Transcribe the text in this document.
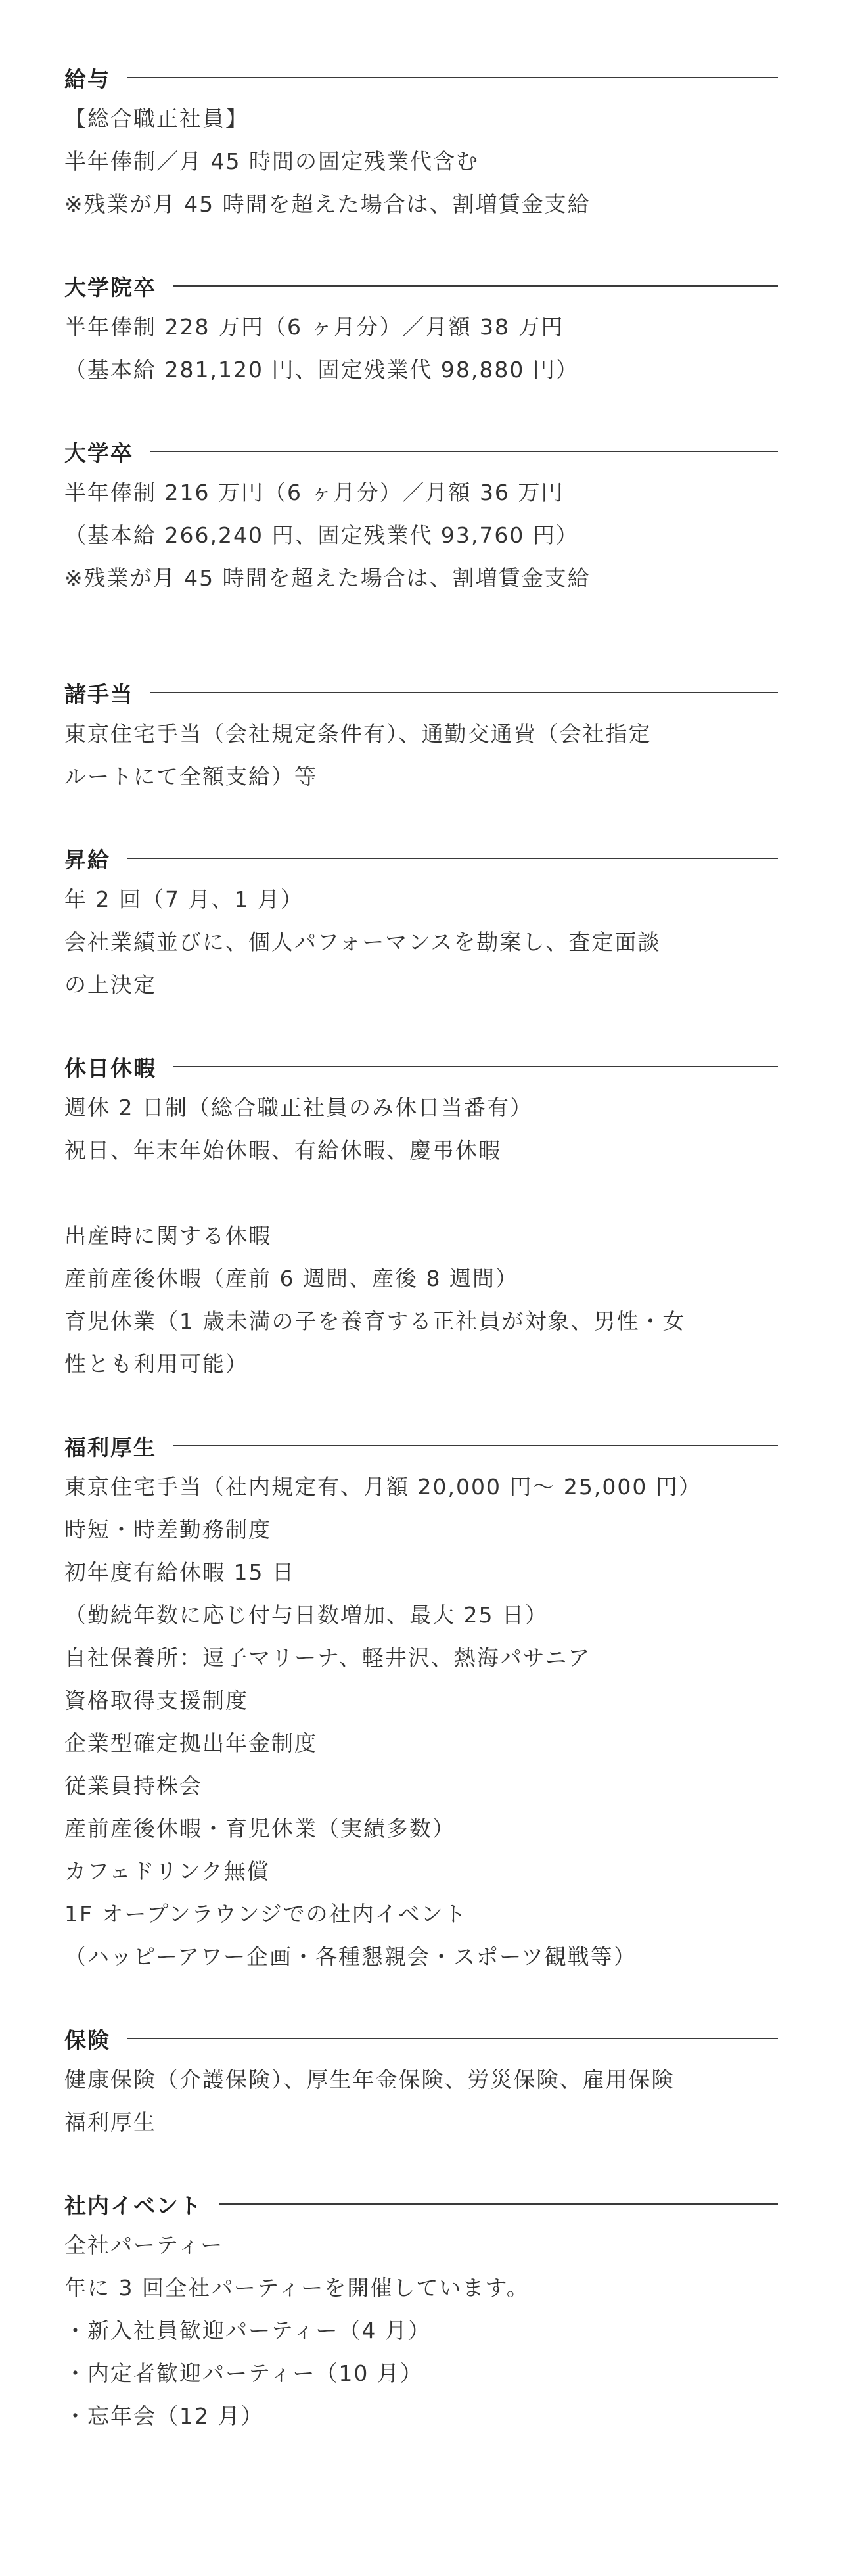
給与
【総合職正社員】
半年俸制／月 45 時間の固定残業代含む
※残業が月 45 時間を超えた場合は、割増賃金支給
大学院卒
半年俸制 228 万円（6 ヶ月分）／月額 38 万円
（基本給 281,120 円、固定残業代 98,880 円）
大学卒
半年俸制 216 万円（6 ヶ月分）／月額 36 万円
（基本給 266,240 円、固定残業代 93,760 円）
※残業が月 45 時間を超えた場合は、割増賃金支給
諸手当
東京住宅手当（会社規定条件有）、通勤交通費（会社指定
ルートにて全額支給）等
昇給
年 2 回（7 月、1 月）
会社業績並びに、個人パフォーマンスを勘案し、査定面談
の上決定
休日休暇
週休 2 日制（総合職正社員のみ休日当番有）
祝日、年末年始休暇、有給休暇、慶弔休暇
出産時に関する休暇
産前産後休暇（産前 6 週間、産後 8 週間）
育児休業（1 歳未満の子を養育する正社員が対象、男性・女
性とも利用可能）
福利厚生
東京住宅手当（社内規定有、月額 20,000 円～ 25,000 円）
時短・時差勤務制度
初年度有給休暇 15 日
（勤続年数に応じ付与日数増加、最大 25 日）
自社保養所：逗子マリーナ、軽井沢、熱海パサニア
資格取得支援制度
企業型確定拠出年金制度
従業員持株会
産前産後休暇・育児休業（実績多数）
カフェドリンク無償
1F オープンラウンジでの社内イベント
（ハッピーアワー企画・各種懇親会・スポーツ観戦等）
保険
健康保険（介護保険）、厚生年金保険、労災保険、雇用保険
福利厚生
社内イベント
全社パーティー
年に 3 回全社パーティーを開催しています。
・新入社員歓迎パーティー（4 月）
・内定者歓迎パーティー（10 月）
・忘年会（12 月）
